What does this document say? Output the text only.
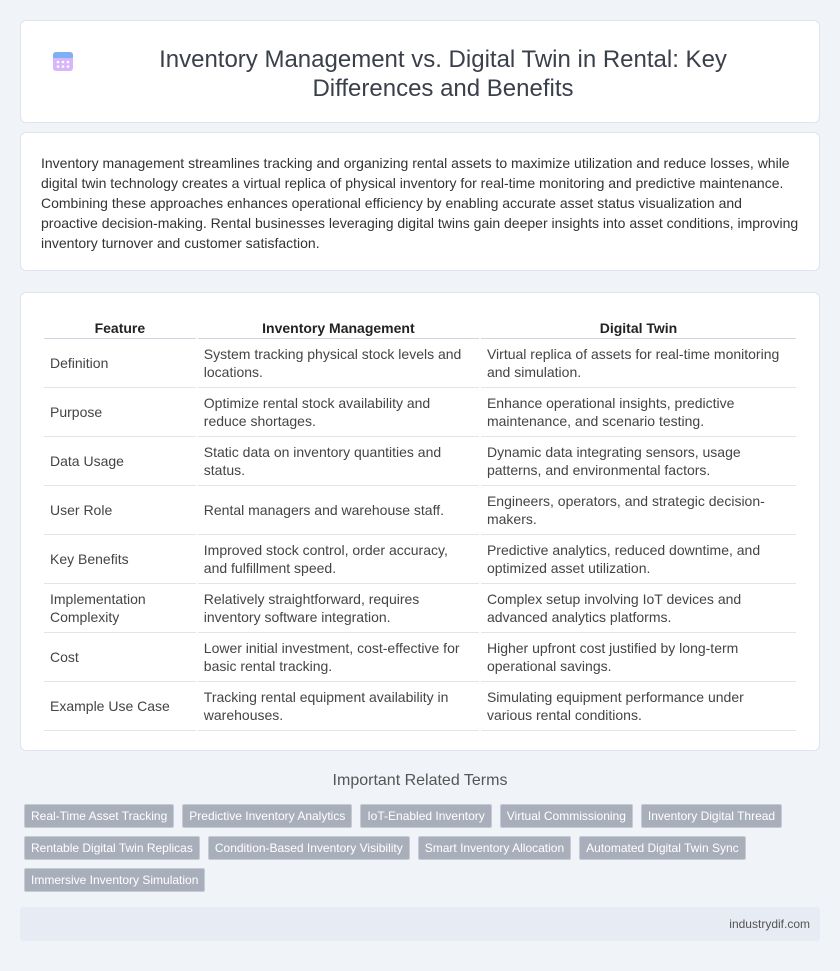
Inventory Management vs. Digital Twin in Rental: Key Differences and Benefits

Inventory management streamlines tracking and organizing rental assets to maximize utilization and reduce losses, while digital twin technology creates a virtual replica of physical inventory for real-time monitoring and predictive maintenance. Combining these approaches enhances operational efficiency by enabling accurate asset status visualization and proactive decision-making. Rental businesses leveraging digital twins gain deeper insights into asset conditions, improving inventory turnover and customer satisfaction.

Feature	Inventory Management	Digital Twin
Definition	System tracking physical stock levels and locations.	Virtual replica of assets for real-time monitoring and simulation.
Purpose	Optimize rental stock availability and reduce shortages.	Enhance operational insights, predictive maintenance, and scenario testing.
Data Usage	Static data on inventory quantities and status.	Dynamic data integrating sensors, usage patterns, and environmental factors.
User Role	Rental managers and warehouse staff.	Engineers, operators, and strategic decision-makers.
Key Benefits	Improved stock control, order accuracy, and fulfillment speed.	Predictive analytics, reduced downtime, and optimized asset utilization.
Implementation Complexity	Relatively straightforward, requires inventory software integration.	Complex setup involving IoT devices and advanced analytics platforms.
Cost	Lower initial investment, cost-effective for basic rental tracking.	Higher upfront cost justified by long-term operational savings.
Example Use Case	Tracking rental equipment availability in warehouses.	Simulating equipment performance under various rental conditions.
Important Related Terms
Real-Time Asset Tracking	Predictive Inventory Analytics	IoT-Enabled Inventory	Virtual Commissioning	Inventory Digital Thread
Rentable Digital Twin Replicas	Condition-Based Inventory Visibility	Smart Inventory Allocation	Automated Digital Twin Sync
Immersive Inventory Simulation
industrydif.com
